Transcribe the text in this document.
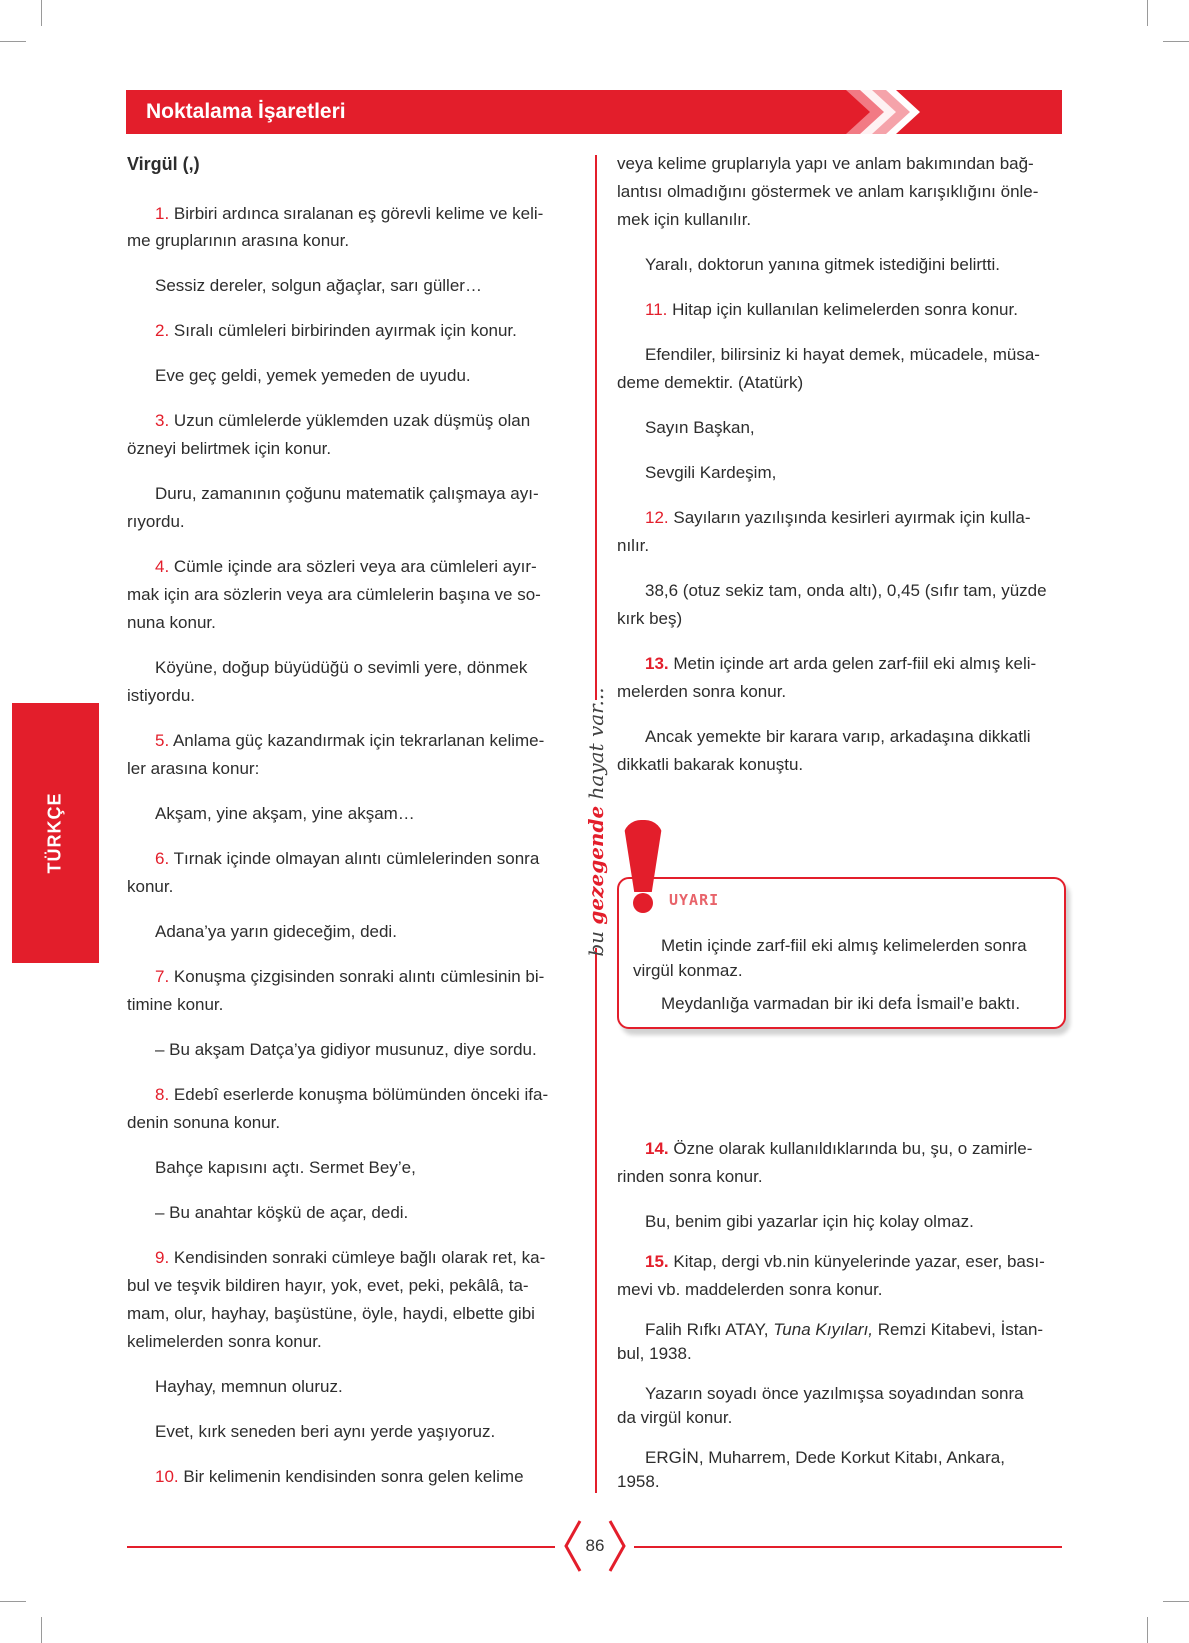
Noktalama İşaretleri
TÜRKÇE

Virgül (,)

1. Birbiri ardınca sıralanan eş görevli kelime ve keli-

me gruplarının arasına konur.

Sessiz dereler, solgun ağaçlar, sarı güller…

2. Sıralı cümleleri birbirinden ayırmak için konur.

Eve geç geldi, yemek yemeden de uyudu.

3. Uzun cümlelerde yüklemden uzak düşmüş olan

özneyi belirtmek için konur.

Duru, zamanının çoğunu matematik çalışmaya ayı-

rıyordu.

4. Cümle içinde ara sözleri veya ara cümleleri ayır-

mak için ara sözlerin veya ara cümlelerin başına ve so-

nuna konur.

Köyüne, doğup büyüdüğü o sevimli yere, dönmek

istiyordu.

5. Anlama güç kazandırmak için tekrarlanan kelime-

ler arasına konur:

Akşam, yine akşam, yine akşam…

6. Tırnak içinde olmayan alıntı cümlelerinden sonra

konur.

Adana’ya yarın gideceğim, dedi.

7. Konuşma çizgisinden sonraki alıntı cümlesinin bi-

timine konur.

– Bu akşam Datça’ya gidiyor musunuz, diye sordu.

8. Edebî eserlerde konuşma bölümünden önceki ifa-

denin sonuna konur.

Bahçe kapısını açtı. Sermet Bey’e,

– Bu anahtar köşkü de açar, dedi.

9. Kendisinden sonraki cümleye bağlı olarak ret, ka-

bul ve teşvik bildiren hayır, yok, evet, peki, pekâlâ, ta-

mam, olur, hayhay, başüstüne, öyle, haydi, elbette gibi

kelimelerden sonra konur.

Hayhay, memnun oluruz.

Evet, kırk seneden beri aynı yerde yaşıyoruz.

10. Bir kelimenin kendisinden sonra gelen kelime

bu gezegende hayat var...

veya kelime gruplarıyla yapı ve anlam bakımından bağ-

lantısı olmadığını göstermek ve anlam karışıklığını önle-

mek için kullanılır.

Yaralı, doktorun yanına gitmek istediğini belirtti.

11. Hitap için kullanılan kelimelerden sonra konur.

Efendiler, bilirsiniz ki hayat demek, mücadele, müsa-

deme demektir. (Atatürk)

Sayın Başkan,

Sevgili Kardeşim,

12. Sayıların yazılışında kesirleri ayırmak için kulla-

nılır.

38,6 (otuz sekiz tam, onda altı), 0,45 (sıfır tam, yüzde

kırk beş)

13. Metin içinde art arda gelen zarf-fiil eki almış keli-

melerden sonra konur.

Ancak yemekte bir karara varıp, arkadaşına dikkatli

dikkatli bakarak konuştu.

14. Özne olarak kullanıldıklarında bu, şu, o zamirle-

rinden sonra konur.

Bu, benim gibi yazarlar için hiç kolay olmaz.

15. Kitap, dergi vb.nin künyelerinde yazar, eser, bası-

mevi vb. maddelerden sonra konur.

Falih Rıfkı ATAY, Tuna Kıyıları, Remzi Kitabevi, İstan-

bul, 1938.

Yazarın soyadı önce yazılmışsa soyadından sonra

da virgül konur.

ERGİN, Muharrem, Dede Korkut Kitabı, Ankara,

1958.

UYARI
Metin içinde zarf-fiil eki almış kelimelerden sonra
virgül konmaz.
Meydanlığa varmadan bir iki defa İsmail’e baktı.
86
